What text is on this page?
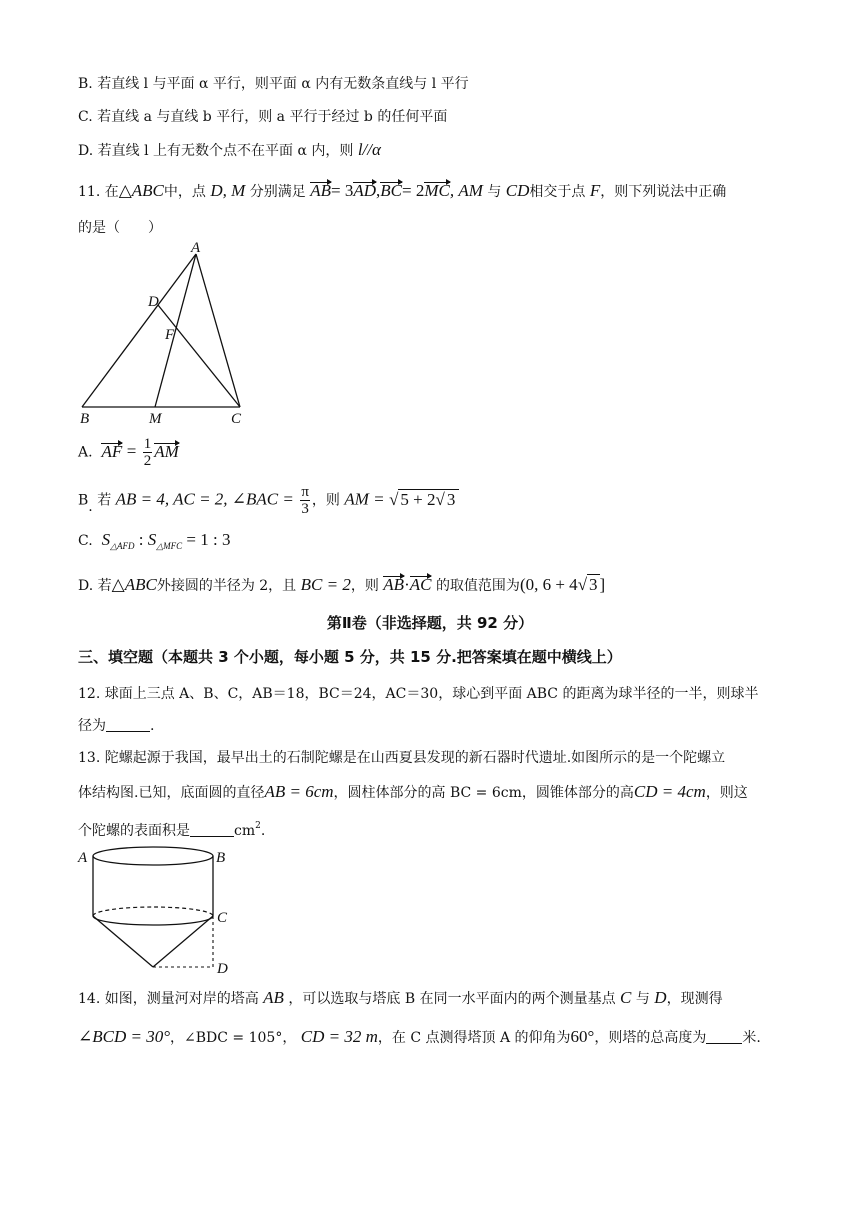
B. 若直线 l 与平面 α 平行，则平面 α 内有无数条直线与 l 平行
C. 若直线 a 与直线 b 平行，则 a 平行于经过 b 的任何平面
D. 若直线 l 上有无数个点不在平面 α 内，则 l//α
11. 在△ABC中，点 D, M 分别满足 AB= 3AD,BC= 2MC, AM 与 CD相交于点 F，则下列说法中正确
的是（　　）
A
B	C
D
M
F
A. AF = $\frac{1}{2}$ AM
B. 若 AB = 4, AC = 2, ∠BAC = $\frac{\pi}{3}$ ，则 AM = √ 5 + 2√ 3
C. $S_{\triangle AFD}$ : $S_{\triangle MFC} = 1$ : 3
D. 若△ABC外接圆的半径为 2，且 BC = 2，则 AB·AC 的取值范围为(0, 6 + 4√ 3 ]
第Ⅱ卷（非选择题，共 92 分）
三、填空题（本题共 3 个小题，每小题 5 分，共 15 分.把答案填在题中横线上）
12. 球面上三点 A、B、C，AB＝18，BC＝24，AC＝30，球心到平面 ABC 的距离为球半径的一半，则球半
径为	.
13. 陀螺起源于我国，最早出土的石制陀螺是在山西夏县发现的新石器时代遗址.如图所示的是一个陀螺立
体结构图.已知，底面圆的直径AB = 6cm，圆柱体部分的高 BC = 6cm，圆锥体部分的高CD = 4cm，则这
个陀螺的表面积是	$cm^2$.
A	B
C
D
14. 如图，测量河对岸的塔高 AB ，可以选取与塔底 B 在同一水平面内的两个测量基点 C 与 D，现测得
∠BCD = 30°，∠BDC = 105°， CD = 32 m，在 C 点测得塔顶 A 的仰角为60°，则塔的总高度为	米.
